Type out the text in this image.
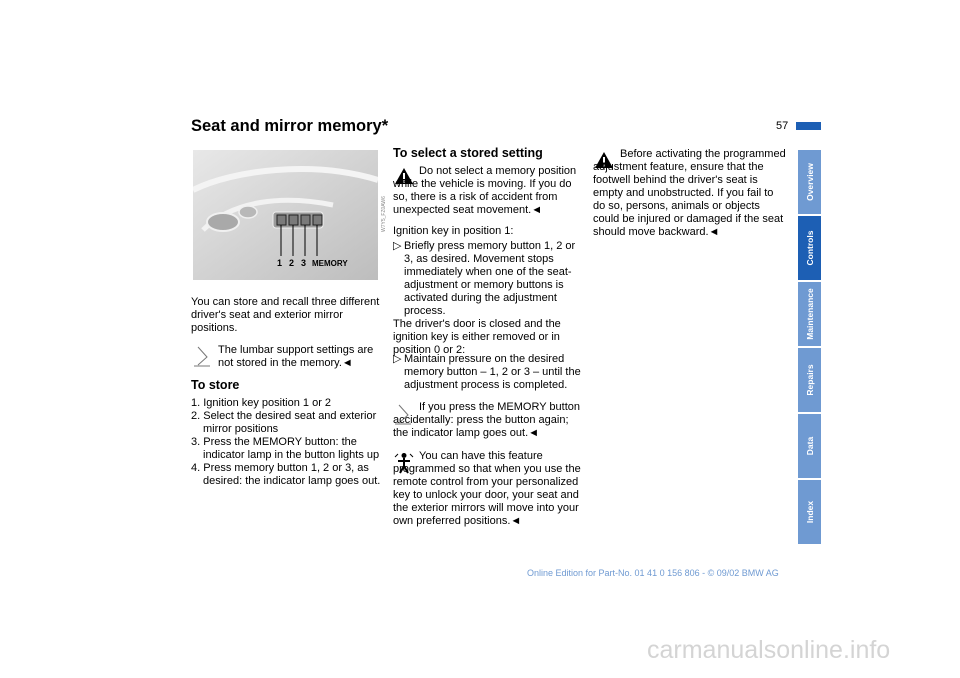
Seat and mirror memory*	57
1 2 3 MEMORY
W7Y5_FZ0AW6
You can store and recall three different driver's seat and exterior mirror positions.
The lumbar support settings are not stored in the memory.◄
To store
1. Ignition key position 1 or 2
2. Select the desired seat and exterior mirror positions
3. Press the MEMORY button: the indicator lamp in the button lights up
4. Press memory button 1, 2 or 3, as desired: the indicator lamp goes out.
To select a stored setting
Do not select a memory position while the vehicle is moving. If you do so, there is a risk of accident from unexpected seat movement.◄
Ignition key in position 1:
▷ Briefly press memory button 1, 2 or 3, as desired. Movement stops immediately when one of the seat-adjustment or memory buttons is activated during the adjustment process.
The driver's door is closed and the ignition key is either removed or in position 0 or 2:
▷ Maintain pressure on the desired memory button – 1, 2 or 3 – until the adjustment process is completed.
If you press the MEMORY button accidentally: press the button again; the indicator lamp goes out.◄
You can have this feature programmed so that when you use the remote control from your personalized key to unlock your door, your seat and the exterior mirrors will move into your own preferred positions.◄
Before activating the programmed adjustment feature, ensure that the footwell behind the driver's seat is empty and unobstructed. If you fail to do so, persons, animals or objects could be injured or damaged if the seat should move backward.◄
Overview
Controls
Maintenance
Repairs
Data
Index
Online Edition for Part-No. 01 41 0 156 806 - © 09/02 BMW AG
carmanualsonline.info
